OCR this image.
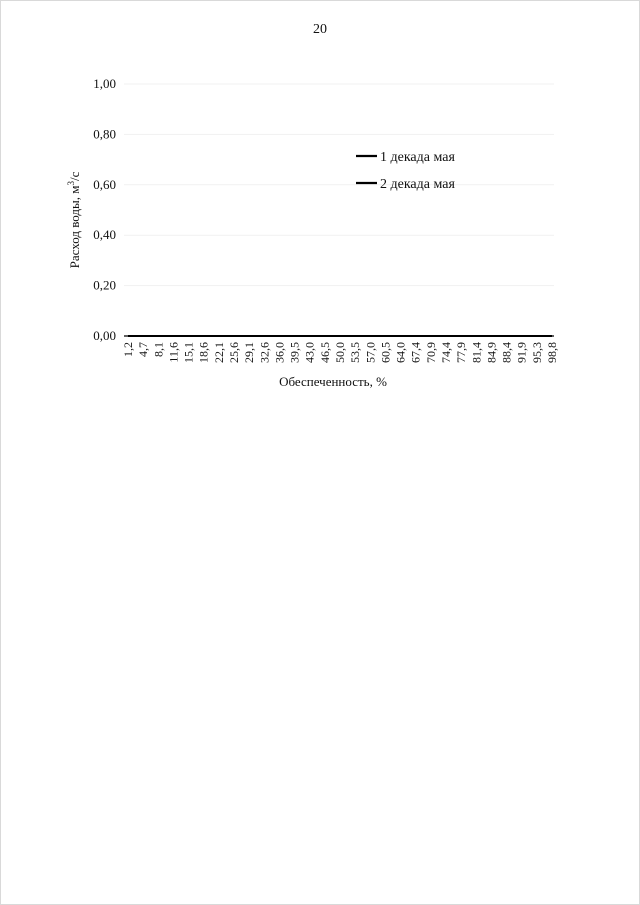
20
0,00
0,20
0,40
0,60
0,80
1,00
1,2 4,7 8,1 11,6 15,1 18,6 22,1 25,6 29,1 32,6 36,0 39,5 43,0 46,5 50,0 53,5 57,0 60,5 64,0 67,4 70,9 74,4 77,9 81,4 84,9 88,4 91,9 95,3 98,8
1 декада мая
2 декада мая
Обеспеченность, %
Расход воды, $м^3/с$
